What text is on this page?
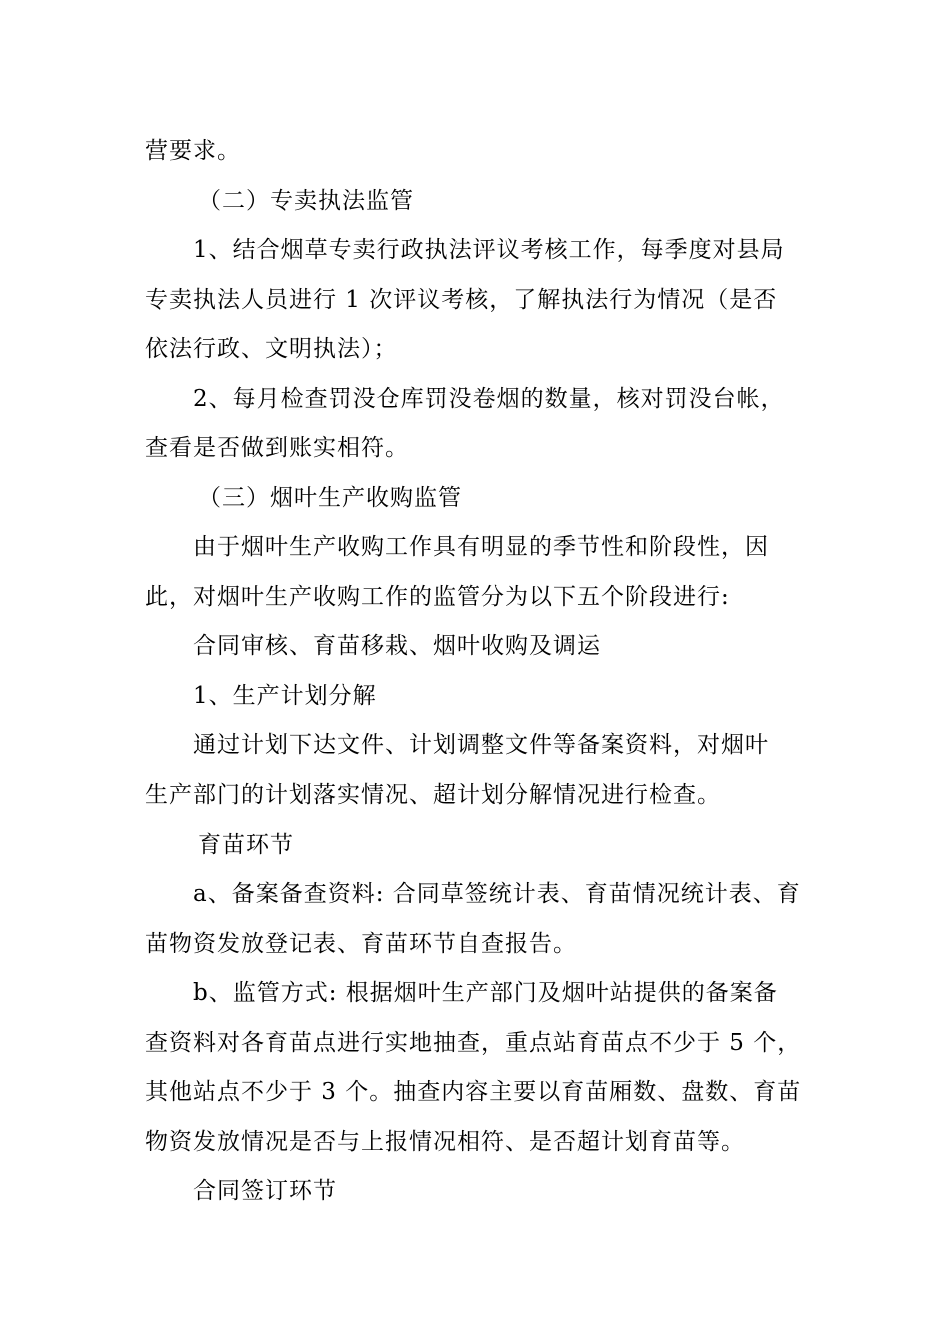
营要求。
（二）专卖执法监管
1、结合烟草专卖行政执法评议考核工作，每季度对县局
专卖执法人员进行 1 次评议考核，了解执法行为情况（是否
依法行政、文明执法）；
2、每月检查罚没仓库罚没卷烟的数量，核对罚没台帐，
查看是否做到账实相符。
（三）烟叶生产收购监管
由于烟叶生产收购工作具有明显的季节性和阶段性，因
此，对烟叶生产收购工作的监管分为以下五个阶段进行:
合同审核、育苗移栽、烟叶收购及调运
1、生产计划分解
通过计划下达文件、计划调整文件等备案资料，对烟叶
生产部门的计划落实情况、超计划分解情况进行检查。
育苗环节
a、备案备查资料: 合同草签统计表、育苗情况统计表、育
苗物资发放登记表、育苗环节自查报告。
b、监管方式: 根据烟叶生产部门及烟叶站提供的备案备
查资料对各育苗点进行实地抽查，重点站育苗点不少于 5 个，
其他站点不少于 3 个。抽查内容主要以育苗厢数、盘数、育苗
物资发放情况是否与上报情况相符、是否超计划育苗等。
合同签订环节
